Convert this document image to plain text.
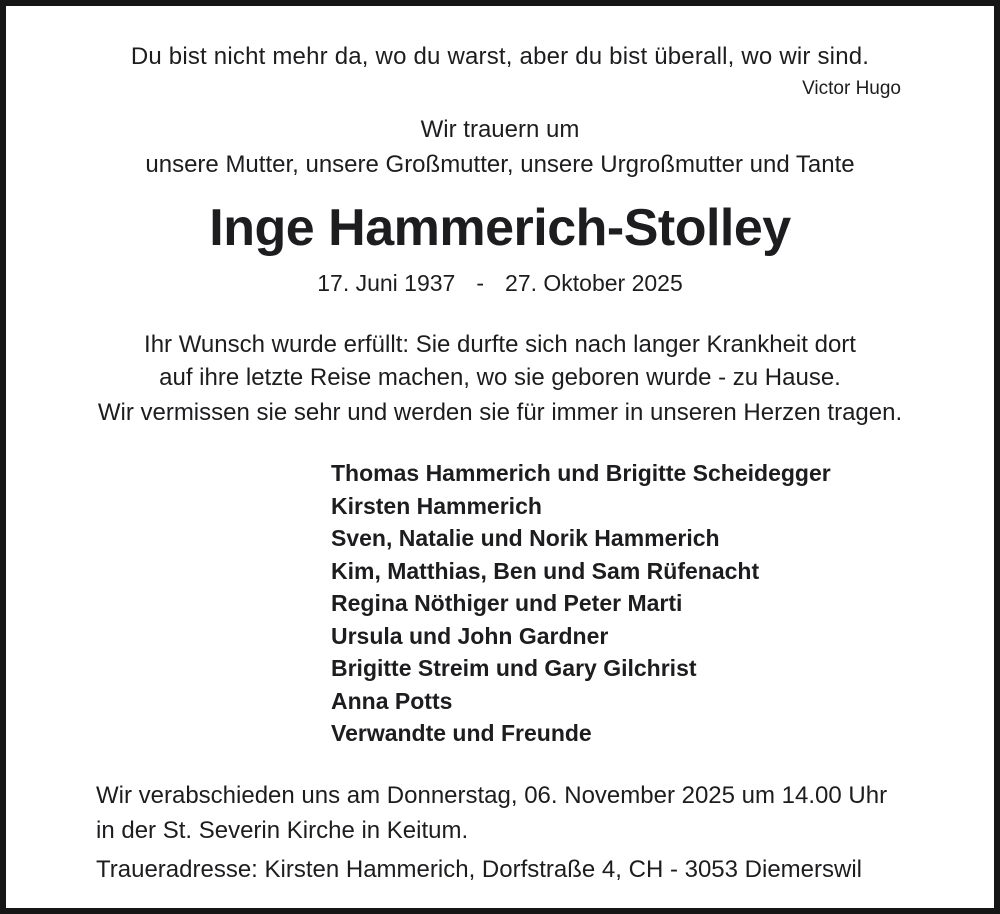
Du bist nicht mehr da, wo du warst, aber du bist überall, wo wir sind.
Victor Hugo
Wir trauern um
unsere Mutter, unsere Großmutter, unsere Urgroßmutter und Tante
Inge Hammerich-Stolley
17. Juni 1937 - 27. Oktober 2025
Ihr Wunsch wurde erfüllt: Sie durfte sich nach langer Krankheit dort
auf ihre letzte Reise machen, wo sie geboren wurde - zu Hause.
Wir vermissen sie sehr und werden sie für immer in unseren Herzen tragen.
Thomas Hammerich und Brigitte Scheidegger
Kirsten Hammerich
Sven, Natalie und Norik Hammerich
Kim, Matthias, Ben und Sam Rüfenacht
Regina Nöthiger und Peter Marti
Ursula und John Gardner
Brigitte Streim und Gary Gilchrist
Anna Potts
Verwandte und Freunde
Wir verabschieden uns am Donnerstag, 06. November 2025 um 14.00 Uhr
in der St. Severin Kirche in Keitum.
Traueradresse: Kirsten Hammerich, Dorfstraße 4, CH - 3053 Diemerswil
